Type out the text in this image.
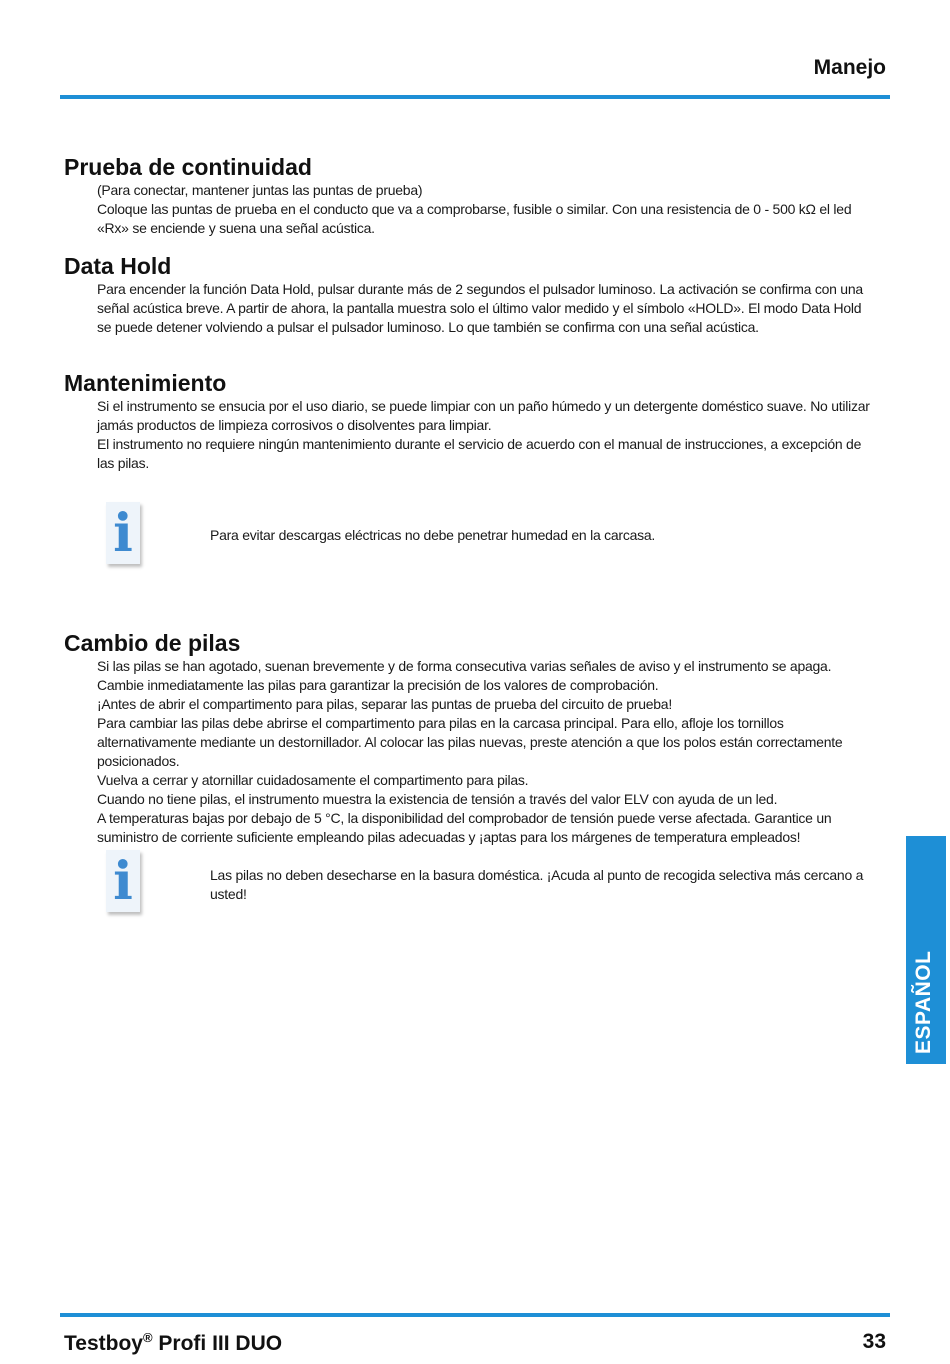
Manejo
Prueba de continuidad

(Para conectar, mantener juntas las puntas de prueba)

Coloque las puntas de prueba en el conducto que va a comprobarse, fusible o similar. Con una resistencia de 0 - 500 kΩ el led «Rx» se enciende y suena una señal acústica.

Data Hold

Para encender la función Data Hold, pulsar durante más de 2 segundos el pulsador luminoso. La activación se confirma con una señal acústica breve. A partir de ahora, la pantalla muestra solo el último valor medido y el símbolo «HOLD». El modo Data Hold se puede detener volviendo a pulsar el pulsador luminoso. Lo que también se confirma con una señal acústica.

Mantenimiento

Si el instrumento se ensucia por el uso diario, se puede limpiar con un paño húmedo y un detergente doméstico suave. No utilizar jamás productos de limpieza corrosivos o disolventes para limpiar.

El instrumento no requiere ningún mantenimiento durante el servicio de acuerdo con el manual de instrucciones, a excepción de las pilas.

i	Para evitar descargas eléctricas no debe penetrar humedad en la carcasa.
Cambio de pilas

Si las pilas se han agotado, suenan brevemente y de forma consecutiva varias señales de aviso y el instrumento se apaga.

Cambie inmediatamente las pilas para garantizar la precisión de los valores de comprobación.

¡Antes de abrir el compartimento para pilas, separar las puntas de prueba del circuito de prueba!

Para cambiar las pilas debe abrirse el compartimento para pilas en la carcasa principal. Para ello, afloje los tornillos alternativamente mediante un destornillador. Al colocar las pilas nuevas, preste atención a que los polos están correctamente posicionados.

Vuelva a cerrar y atornillar cuidadosamente el compartimento para pilas.

Cuando no tiene pilas, el instrumento muestra la existencia de tensión a través del valor ELV con ayuda de un led.

A temperaturas bajas por debajo de 5 °C, la disponibilidad del comprobador de tensión puede verse afectada. Garantice un suministro de corriente suficiente empleando pilas adecuadas y ¡aptas para los márgenes de temperatura empleados!

i	Las pilas no deben desecharse en la basura doméstica. ¡Acuda al punto de recogida selectiva más cercano a usted!
ESPAÑOL
Testboy® Profi III DUO	33
